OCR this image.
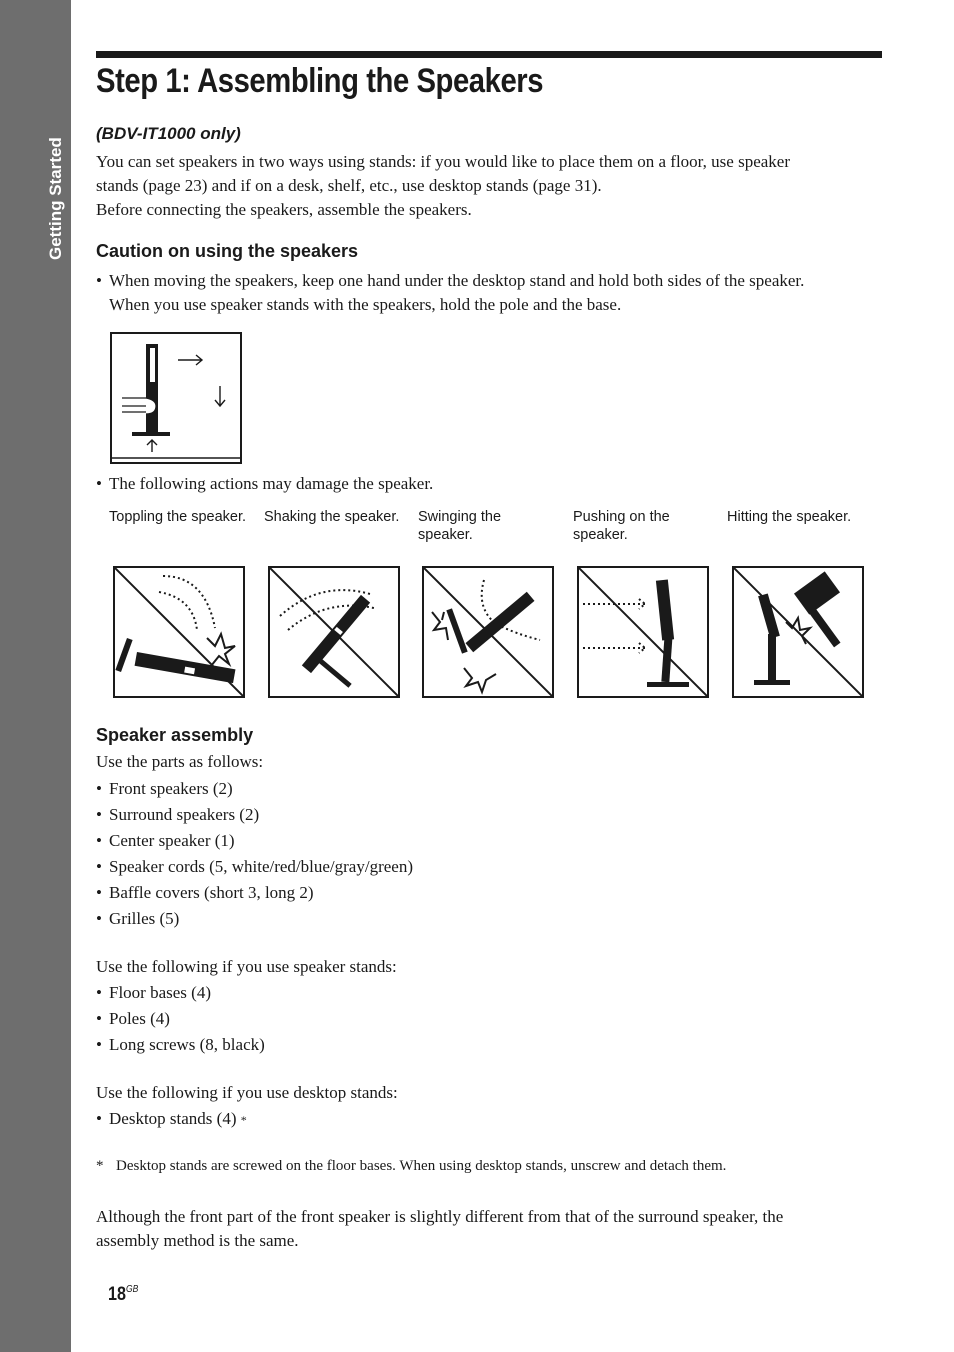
Getting Started
Step 1: Assembling the Speakers
(BDV-IT1000 only)
You can set speakers in two ways using stands: if you would like to place them on a floor, use speaker
stands (page 23) and if on a desk, shelf, etc., use desktop stands (page 31).
Before connecting the speakers, assemble the speakers.
Caution on using the speakers
• When moving the speakers, keep one hand under the desktop stand and hold both sides of the speaker.
When you use speaker stands with the speakers, hold the pole and the base.
• The following actions may damage the speaker.
Toppling the speaker. Shaking the speaker.	Swinging the speaker.
Pushing on the speaker.
Hitting the speaker.
Speaker assembly
Use the parts as follows:
• Front speakers (2)
• Surround speakers (2)
• Center speaker (1)
• Speaker cords (5, white/red/blue/gray/green)
• Baffle covers (short 3, long 2)
• Grilles (5)
Use the following if you use speaker stands:
• Floor bases (4)
• Poles (4)
• Long screws (8, black)
Use the following if you use desktop stands:
• Desktop stands (4) *
* Desktop stands are screwed on the floor bases. When using desktop stands, unscrew and detach them.
Although the front part of the front speaker is slightly different from that of the surround speaker, the
assembly method is the same.
$18^{GB}$
